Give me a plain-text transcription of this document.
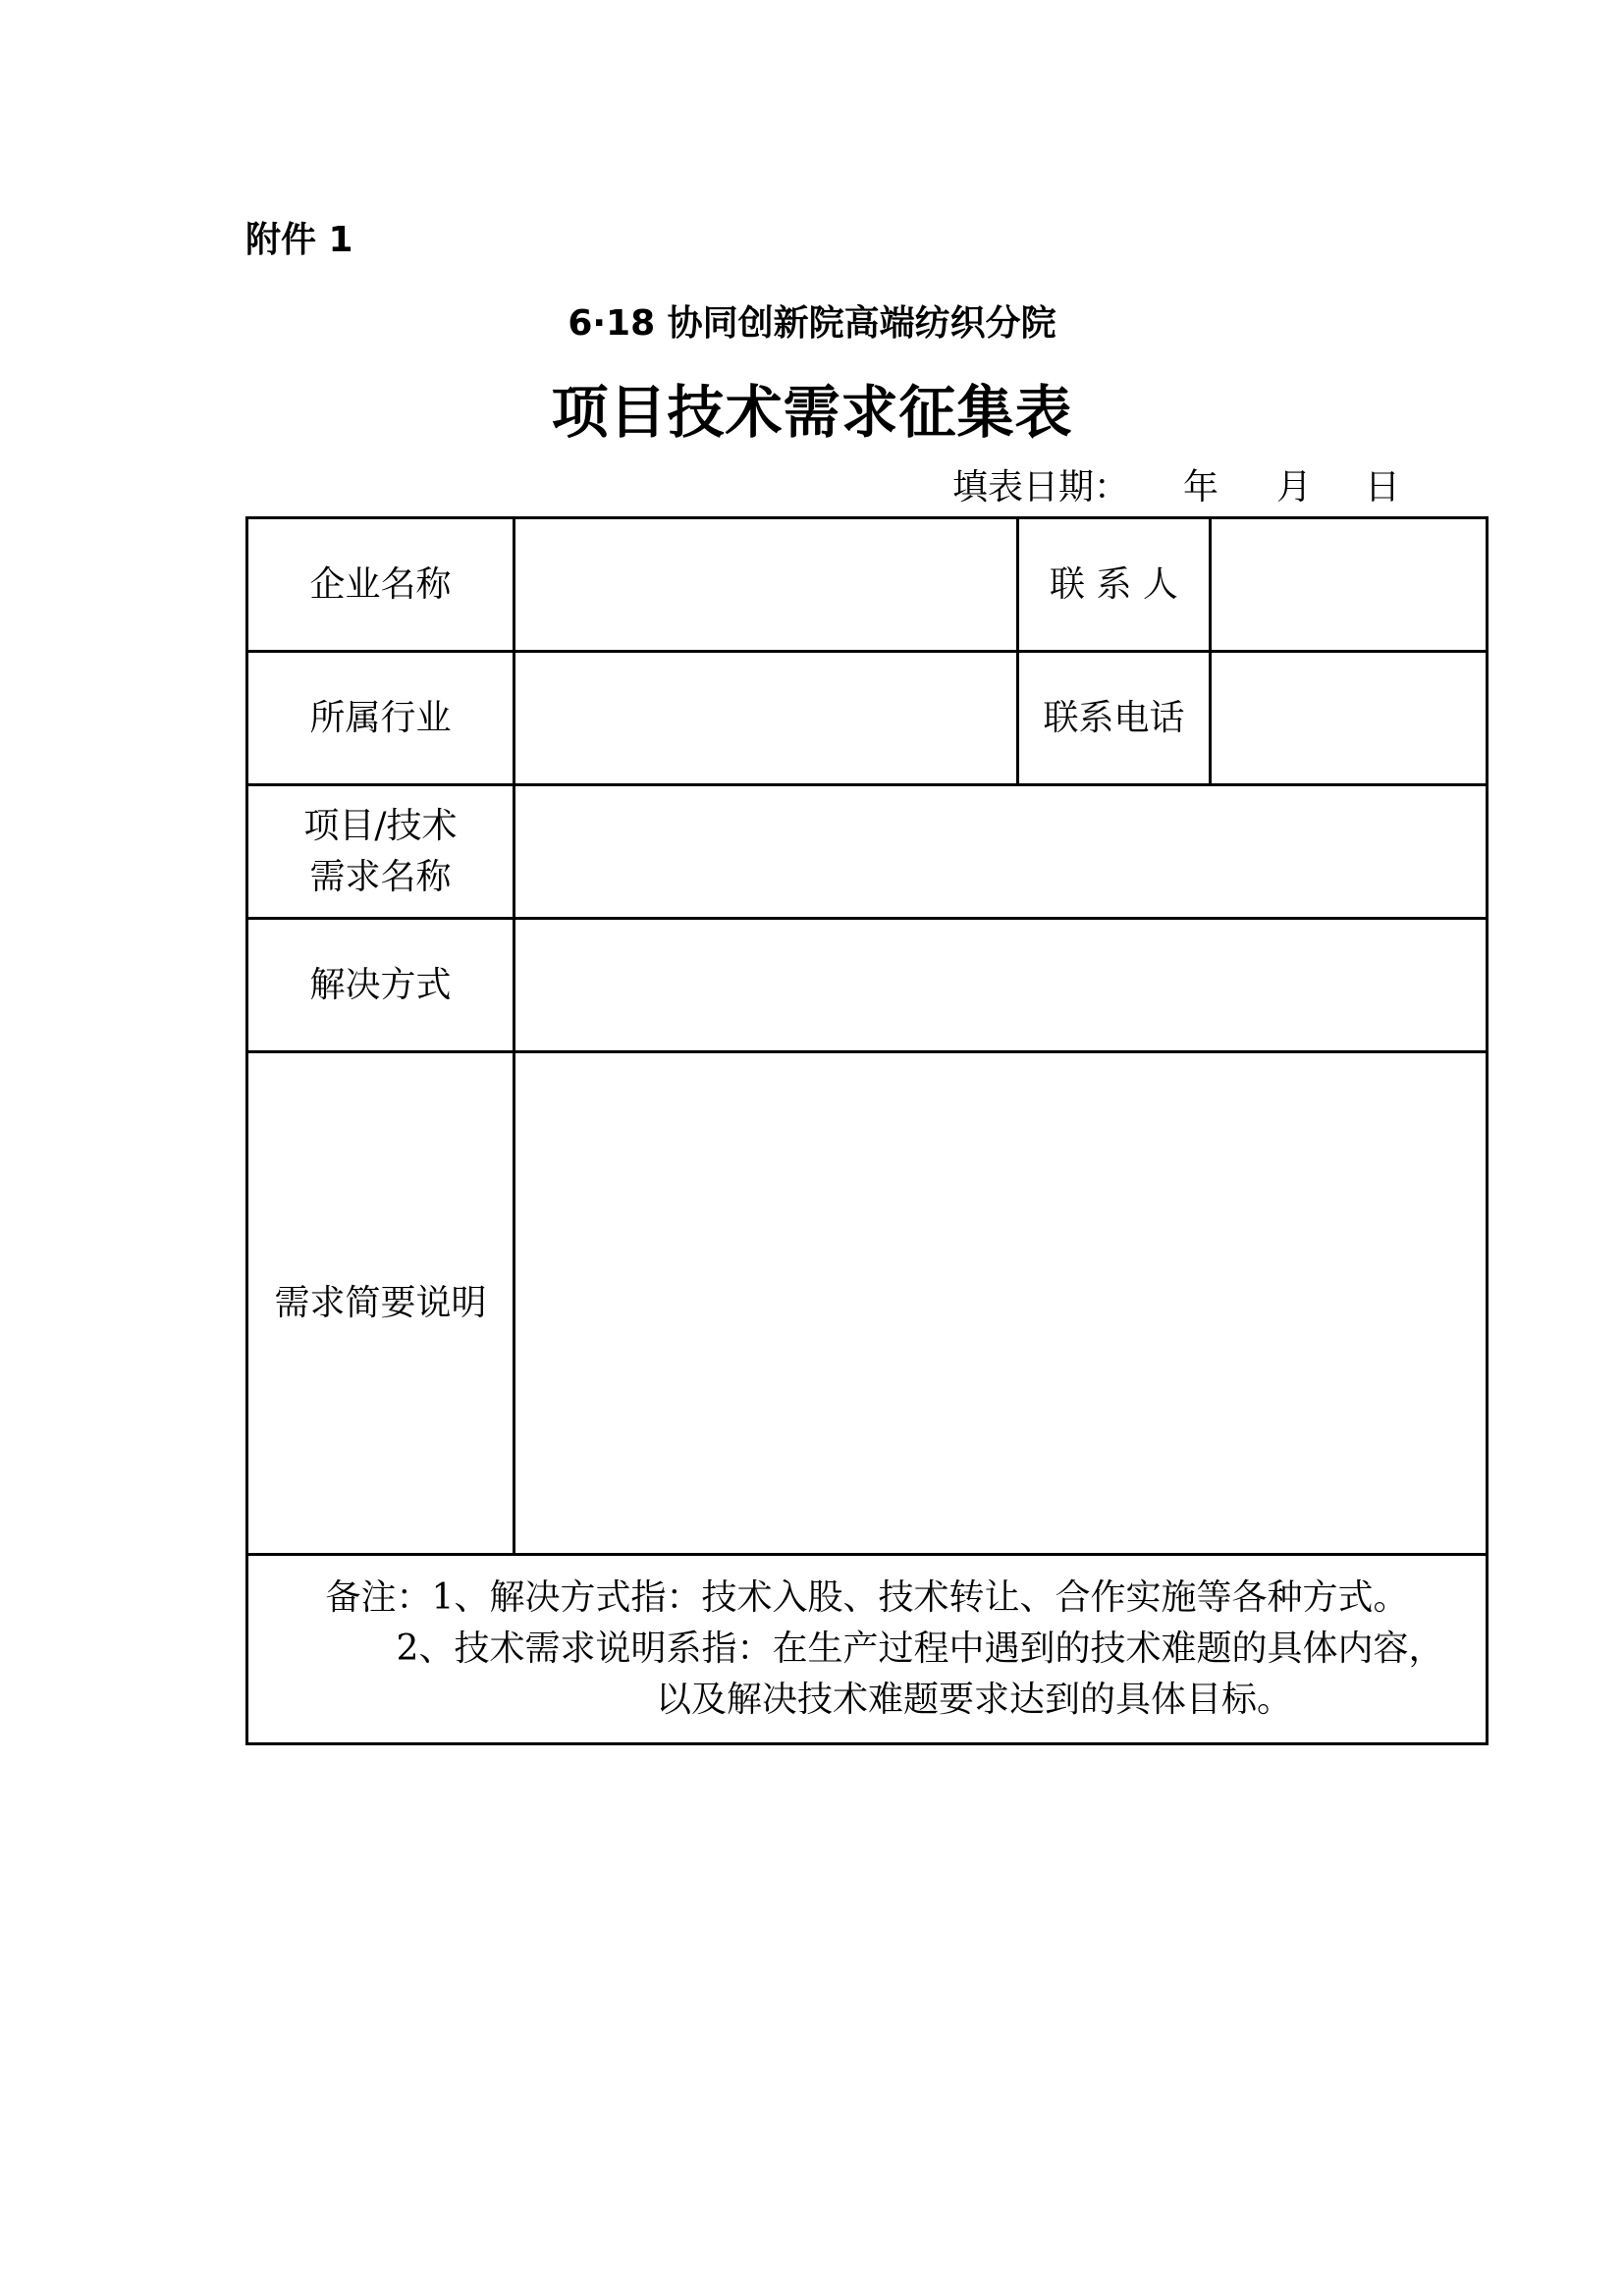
附件 1
6·18 协同创新院高端纺织分院
项目技术需求征集表
填表日期： 年 月 日
企业名称		联 系 人	
所属行业		联系电话	

项目/技术
需求名称			

解决方式			
需求简要说明			

备注：1、解决方式指：技术入股、技术转让、合作实施等各种方式。
2、技术需求说明系指：在生产过程中遇到的技术难题的具体内容，
以及解决技术难题要求达到的具体目标。			
